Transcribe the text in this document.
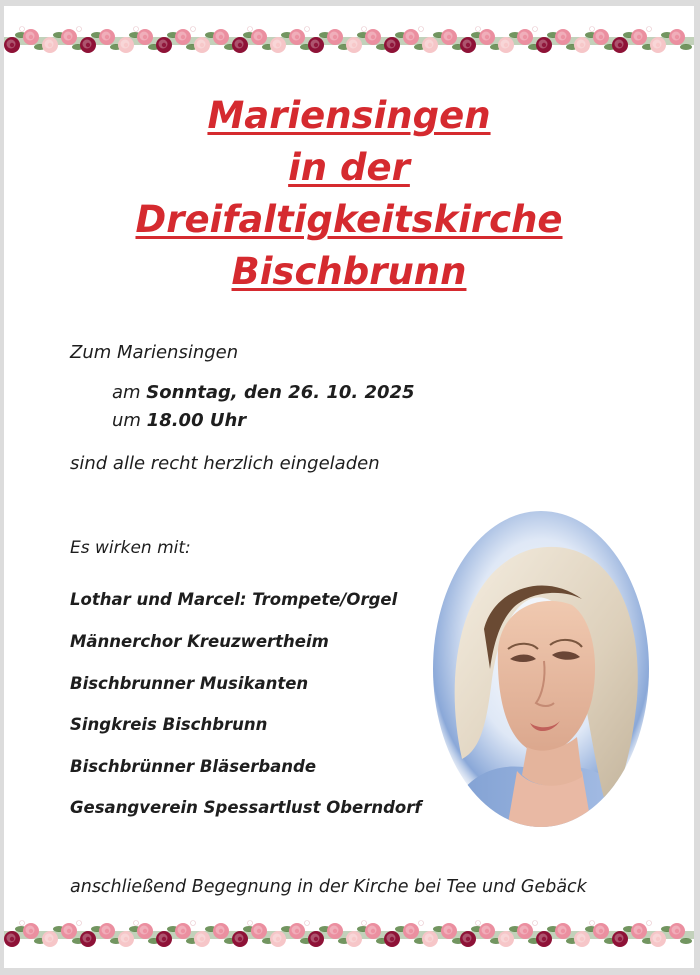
Mariensingen
in der
Dreifaltigkeitskirche
Bischbrunn
Zum Mariensingen
am Sonntag, den 26. 10. 2025
um 18.00 Uhr
sind alle recht herzlich eingeladen
Es wirken mit:
Lothar und Marcel: Trompete/Orgel
Männerchor Kreuzwertheim
Bischbrunner Musikanten
Singkreis Bischbrunn
Bischbrünner Bläserbande
Gesangverein Spessartlust Oberndorf
anschließend Begegnung in der Kirche bei Tee und Gebäck
